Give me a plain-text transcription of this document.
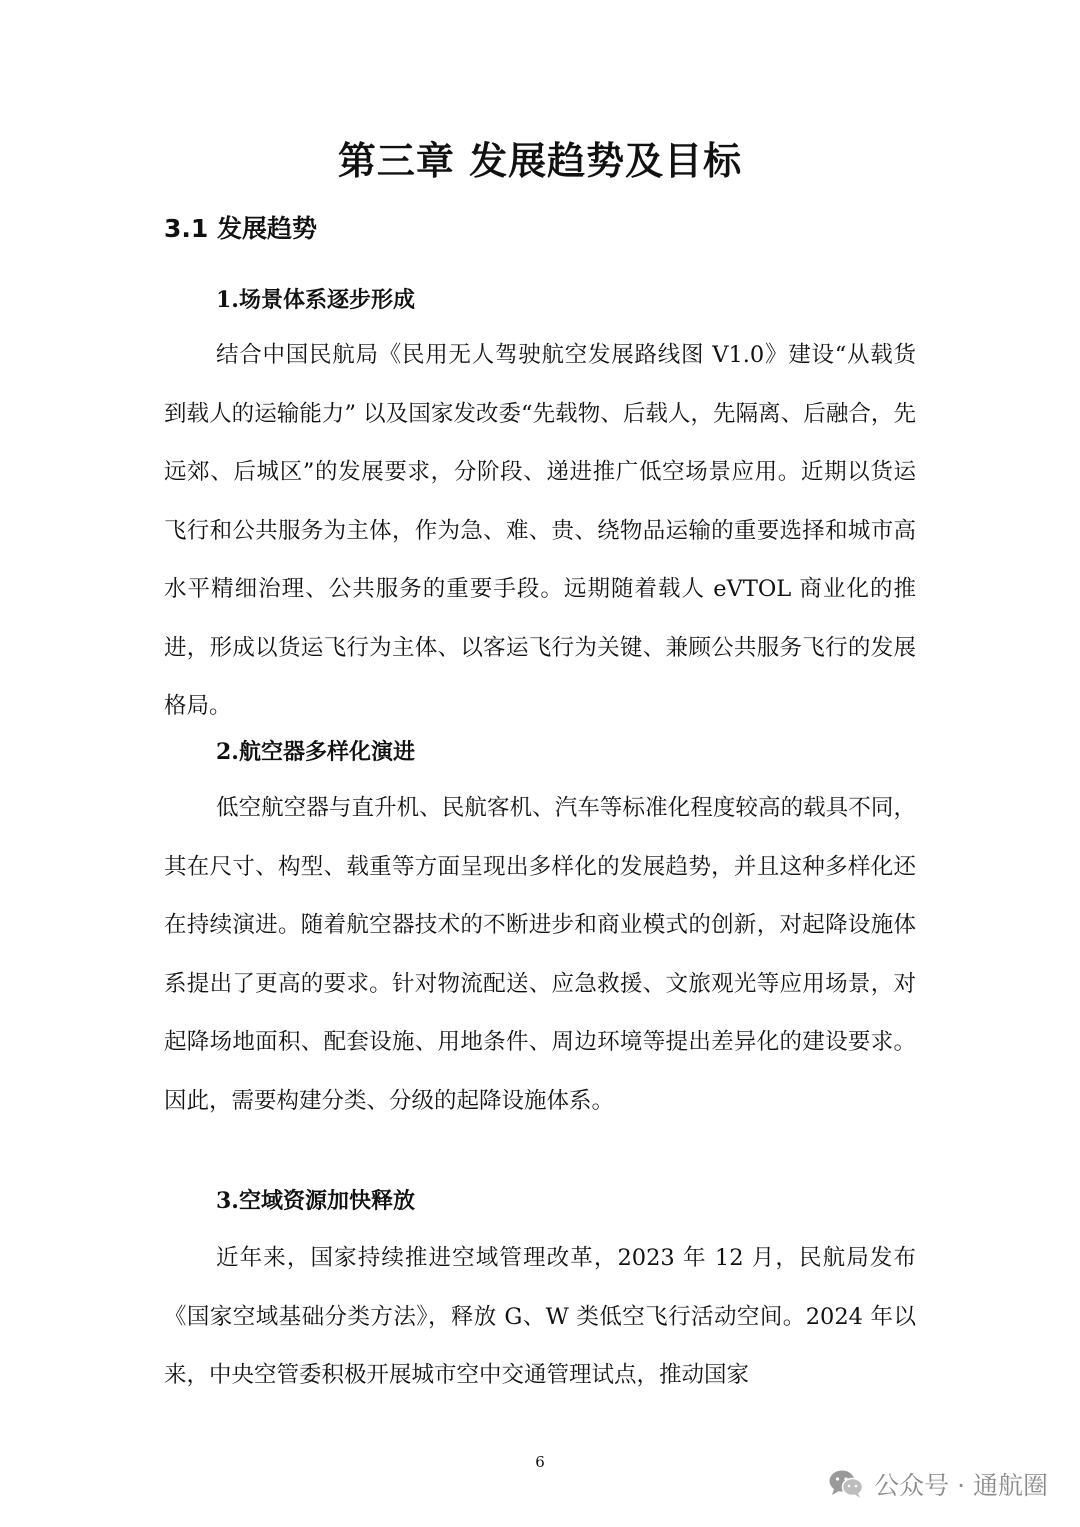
第三章 发展趋势及目标
3.1 发展趋势
1.场景体系逐步形成

结合中国民航局《民用无人驾驶航空发展路线图 V1.0》建设“从载货到载人的运输能力” 以及国家发改委“先载物、后载人，先隔离、后融合，先远郊、后城区”的发展要求，分阶段、递进推广低空场景应用。近期以货运飞行和公共服务为主体，作为急、难、贵、绕物品运输的重要选择和城市高水平精细治理、公共服务的重要手段。远期随着载人 eVTOL 商业化的推进，形成以货运飞行为主体、以客运飞行为关键、兼顾公共服务飞行的发展格局。

2.航空器多样化演进

低空航空器与直升机、民航客机、汽车等标准化程度较高的载具不同，其在尺寸、构型、载重等方面呈现出多样化的发展趋势，并且这种多样化还在持续演进。随着航空器技术的不断进步和商业模式的创新，对起降设施体系提出了更高的要求。针对物流配送、应急救援、文旅观光等应用场景，对起降场地面积、配套设施、用地条件、周边环境等提出差异化的建设要求。因此，需要构建分类、分级的起降设施体系。

3.空域资源加快释放

近年来，国家持续推进空域管理改革，2023 年 12 月，民航局发布《国家空域基础分类方法》，释放 G、W 类低空飞行活动空间。2024 年以来，中央空管委积极开展城市空中交通管理试点，推动国家

6
公众号 · 通航圈
